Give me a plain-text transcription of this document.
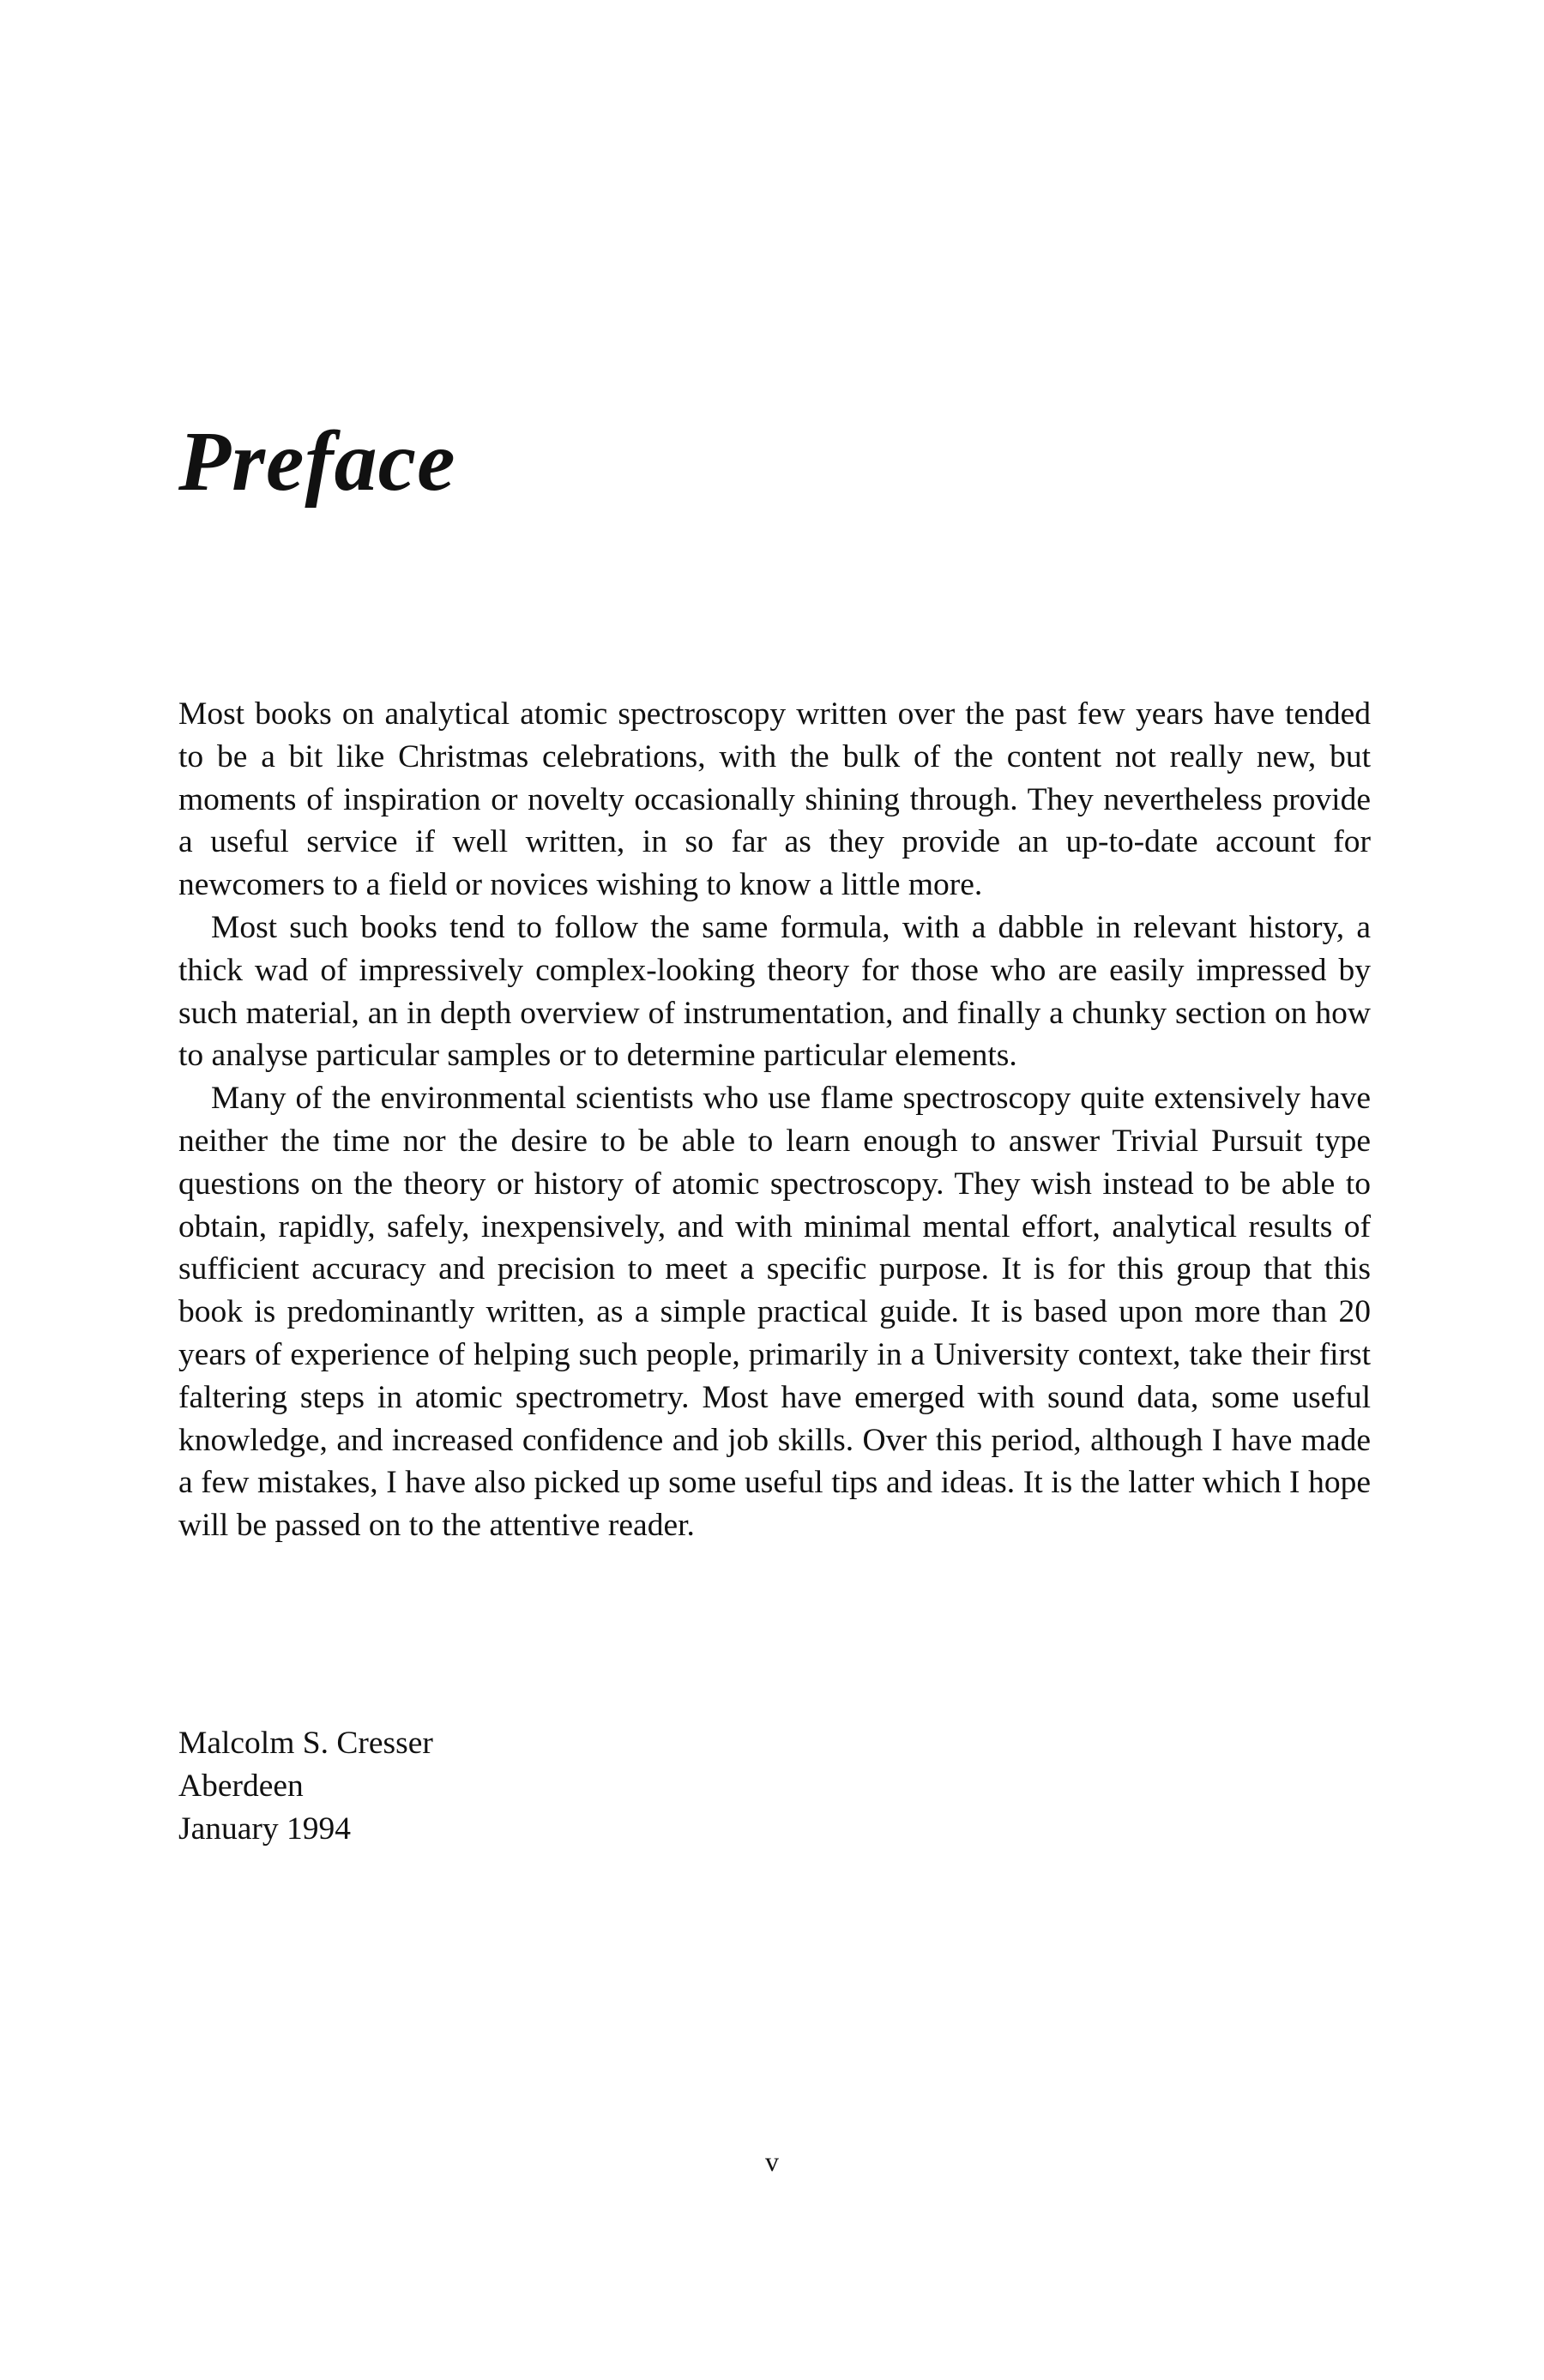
Preface

Most books on analytical atomic spectroscopy written over the past few years have tended to be a bit like Christmas celebrations, with the bulk of the content not really new, but moments of inspiration or novelty occasionally shining through. They nevertheless provide a useful service if well written, in so far as they provide an up-to-date account for newcomers to a field or novices wishing to know a little more.

Most such books tend to follow the same formula, with a dabble in relevant history, a thick wad of impressively complex-looking theory for those who are easily impressed by such material, an in depth overview of instrumentation, and finally a chunky section on how to analyse particular samples or to determine particular elements.

Many of the environmental scientists who use flame spectroscopy quite extensively have neither the time nor the desire to be able to learn enough to answer Trivial Pursuit type questions on the theory or history of atomic spectroscopy. They wish instead to be able to obtain, rapidly, safely, inexpensively, and with minimal mental effort, analytical results of sufficient accuracy and precision to meet a specific purpose. It is for this group that this book is predominantly written, as a simple practical guide. It is based upon more than 20 years of experience of helping such people, primarily in a University context, take their first faltering steps in atomic spectrometry. Most have emerged with sound data, some useful knowledge, and increased confidence and job skills. Over this period, although I have made a few mistakes, I have also picked up some useful tips and ideas. It is the latter which I hope will be passed on to the attentive reader.

Malcolm S. Cresser
Aberdeen
January 1994
v
